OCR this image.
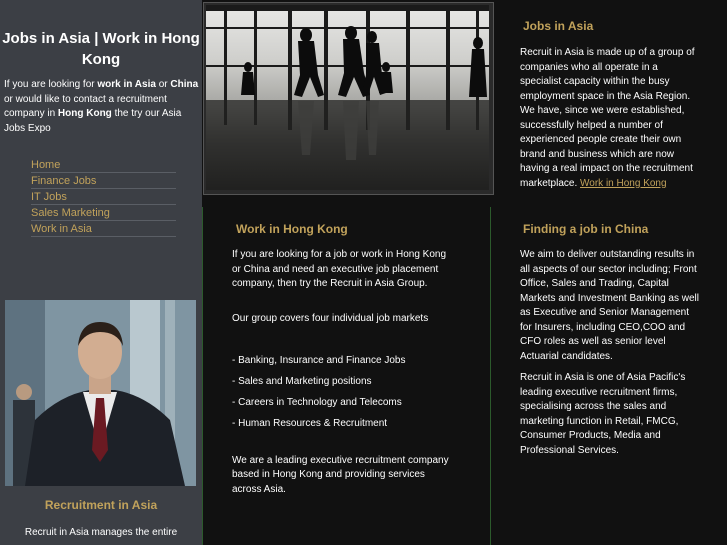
Jobs in Asia | Work in Hong Kong
If you are looking for work in Asia or China or would like to contact a recruitment company in Hong Kong the try our Asia Jobs Expo
Home
Finance Jobs
IT Jobs
Sales Marketing
Work in Asia
Recruitment in Asia
Recruit in Asia manages the entire
Jobs in Asia
Recruit in Asia is made up of a group of companies who all operate in a specialist capacity within the busy employment space in the Asia Region. We have, since we were established, successfully helped a number of experienced people create their own brand and business which are now having a real impact on the recruitment marketplace. Work in Hong Kong
Work in Hong Kong
If you are looking for a job or work in Hong Kong or China and need an executive job placement company, then try the Recruit in Asia Group.
Our group covers four individual job markets
- Banking, Insurance and Finance Jobs
- Sales and Marketing positions
- Careers in Technology and Telecoms
- Human Resources & Recruitment
We are a leading executive recruitment company based in Hong Kong and providing services across Asia.
Finding a job in China

We aim to deliver outstanding results in all aspects of our sector including; Front Office, Sales and Trading, Capital Markets and Investment Banking as well as Executive and Senior Management for Insurers, including CEO,COO and CFO roles as well as senior level Actuarial candidates.

Recruit in Asia is one of Asia Pacific's leading executive recruitment firms, specialising across the sales and marketing function in Retail, FMCG, Consumer Products, Media and Professional Services.
